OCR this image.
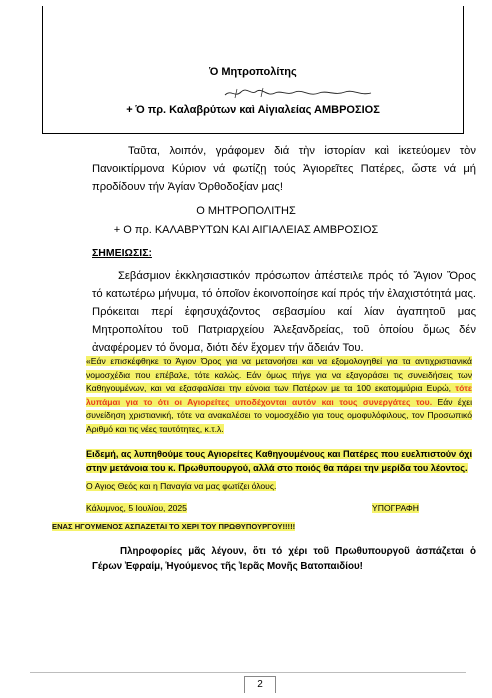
Ὁ Μητροπολίτης
+ Ὁ πρ. Καλαβρύτων καὶ Αἰγιαλείας ΑΜΒΡΟΣΙΟΣ
Ταῦτα, λοιπόν, γράφομεν διά τὴν ἱστορίαν καὶ ἱκετεύομεν τὸν Πανοικτίρμονα Κύριον νά φωτίζῃ τούς Ἁγιορεῖτες Πατέρες, ὥστε νά μή προδίδουν τήν Ἁγίαν Ὀρθοδοξίαν μας!
Ο ΜΗΤΡΟΠΟΛΙΤΗΣ
+ Ο πρ. ΚΑΛΑΒΡΥΤΩΝ ΚΑΙ ΑΙΓΙΑΛΕΙΑΣ ΑΜΒΡΟΣΙΟΣ
ΣΗΜΕΙΩΣΙΣ:
Σεβάσμιον ἐκκλησιαστικόν πρόσωπον ἀπέστειλε πρός τό Ἅγιον Ὄρος τό κατωτέρω μήνυμα, τό ὁποῖον ἐκοινοποίησε καί πρός τήν ἐλαχιστότητά μας. Πρόκειται περί ἐφησυχάζοντος σεβασμίου καί λίαν ἀγαπητοῦ μας Μητροπολίτου τοῦ Πατριαρχείου Ἀλεξανδρείας, τοῦ ὁποίου ὅμως δέν ἀναφέρομεν τό ὄνομα, διότι δέν ἔχομεν τήν ἄδειάν Του.
«Εάν επισκέφθηκε το Άγιον Όρος για να μετανοήσει και να εξομολογηθεί για τα αντιχριστιανικά νομοσχέδια που επέβαλε, τότε καλώς. Εάν όμως πήγε για να εξαγοράσει τις συνειδήσεις των Καθηγουμένων, και να εξασφαλίσει την εύνοια των Πατέρων με τα 100 εκατομμύρια Ευρώ, τότε λυπάμαι για το ότι οι Αγιορείτες υποδέχονται αυτόν και τους συνεργάτες του. Εάν έχει συνείδηση χριστιανική, τότε να ανακαλέσει το νομοσχέδιο για τους ομοφυλόφιλους, τον Προσωπικό Αριθμό και τις νέες ταυτότητες, κ.τ.λ.
Ειδεμή, ας λυπηθούμε τους Αγιορείτες Καθηγουμένους και Πατέρες που ευελπιστούν όχι στην μετάνοια του κ. Πρωθυπουργού, αλλά στο ποιός θα πάρει την μερίδα του λέοντος.
Ο Αγιος Θεός και η Παναγία να μας φωτίζει όλους.
Κάλυμνος, 5 Ιουλίου, 2025	ΥΠΟΓΡΑΦΗ
ΕΝΑΣ ΗΓΟΥΜΕΝΟΣ ΑΣΠΑΖΕΤΑΙ ΤΟ ΧΕΡΙ ΤΟΥ ΠΡΩΘΥΠΟΥΡΓΟΥ!!!!!
Πληροφορίες μᾶς λέγουν, ὅτι τό χέρι τοῦ Πρωθυπουργοῦ ἀσπάζεται ὁ Γέρων Ἐφραίμ, Ἡγούμενος τῆς Ἱερᾶς Μονῆς Βατοπαιδίου!
2
